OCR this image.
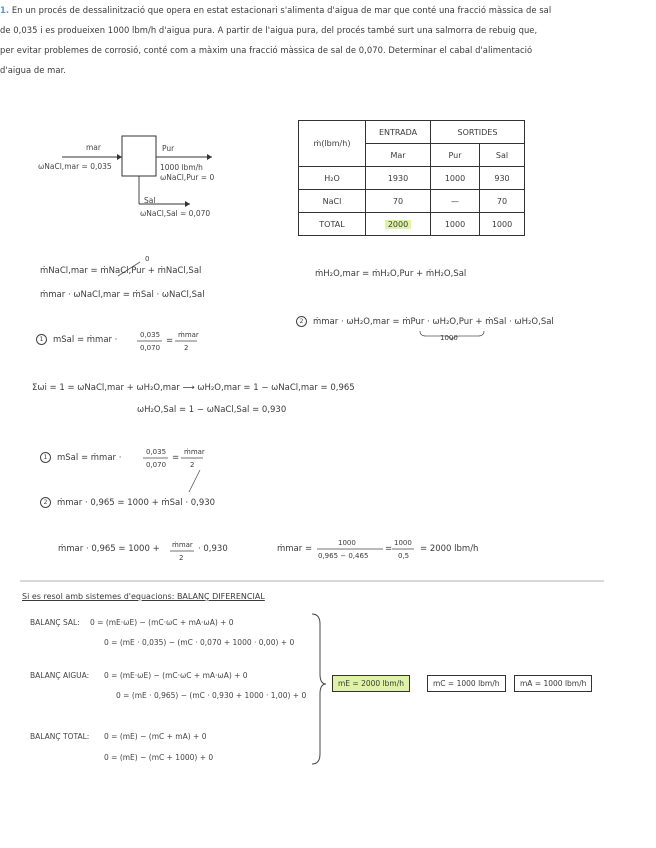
1. En un procés de dessalinització que opera en estat estacionari s'alimenta d'aigua de mar que conté una fracció màssica de sal

de 0,035 i es produeixen 1000 lbm/h d'aigua pura. A partir de l'aigua pura, del procés també surt una salmorra de rebuig que,

per evitar problemes de corrosió, conté com a màxim una fracció màssica de sal de 0,070. Determinar el cabal d'alimentació

d'aigua de mar.

mar
ωNaCl,mar = 0,035
Pur
1000 lbm/h
ωNaCl,Pur = 0
Sal
ωNaCl,Sal = 0,070
ṁ(lbm/h)	ENTRADA	SORTIDES	
	Mar	Pur	Sal
H₂O	1930	1000	930
NaCl	70	—	70
TOTAL	2000	1000	1000
ṁNaCl,mar = ṁNaCl,Pur + ṁNaCl,Sal
0
ṁmar · ωNaCl,mar = ṁSal · ωNaCl,Sal
ṁH₂O,mar = ṁH₂O,Pur + ṁH₂O,Sal
1 mSal = ṁmar ·	0,035
0,070
=
ṁmar
2
2 ṁmar · ωH₂O,mar = ṁPur · ωH₂O,Pur + ṁSal · ωH₂O,Sal
1000
Σωi = 1 = ωNaCl,mar + ωH₂O,mar ⟶ ωH₂O,mar = 1 − ωNaCl,mar = 0,965
ωH₂O,Sal = 1 − ωNaCl,Sal = 0,930
1 mSal = ṁmar ·
0,035
0,070
=
ṁmar
2
2 ṁmar · 0,965 = 1000 + ṁSal · 0,930
ṁmar · 0,965 = 1000 + ṁmar
2
· 0,930	ṁmar =
1000
0,965 − 0,465
=
1000
0,5
= 2000 lbm/h
Si es resol amb sistemes d'equacions: BALANÇ DIFERENCIAL
BALANÇ SAL: 0 = (mE·ωE) − (mC·ωC + mA·ωA) + 0
0 = (mE · 0,035) − (mC · 0,070 + 1000 · 0,00) + 0
BALANÇ AIGUA: 0 = (mE·ωE) − (mC·ωC + mA·ωA) + 0
0 = (mE · 0,965) − (mC · 0,930 + 1000 · 1,00) + 0
BALANÇ TOTAL: 0 = (mE) − (mC + mA) + 0
0 = (mE) − (mC + 1000) + 0
mE = 2000 lbm/h	mC = 1000 lbm/h	mA = 1000 lbm/h
